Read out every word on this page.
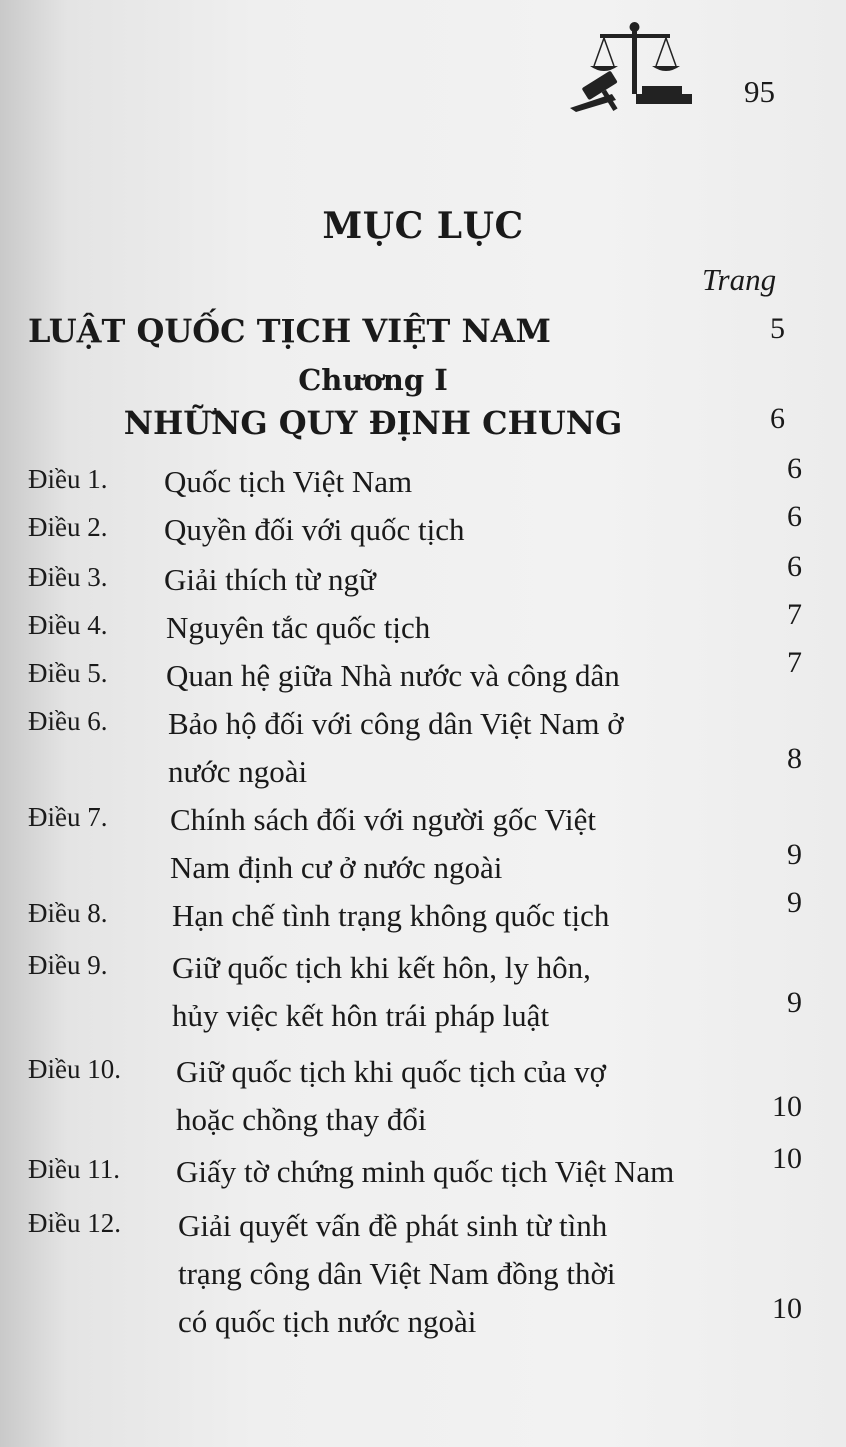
95
MỤC LỤC
Trang
LUẬT QUỐC TỊCH VIỆT NAM	5
Chương I
NHỮNG QUY ĐỊNH CHUNG	6
Điều 1. Quốc tịch Việt Nam	6
Điều 2. Quyền đối với quốc tịch	6
Điều 3. Giải thích từ ngữ	6
Điều 4. Nguyên tắc quốc tịch	7
Điều 5. Quan hệ giữa Nhà nước và công dân	7
Điều 6. Bảo hộ đối với công dân Việt Nam ở
nước ngoài	8
Điều 7. Chính sách đối với người gốc Việt
Nam định cư ở nước ngoài	9
Điều 8. Hạn chế tình trạng không quốc tịch	9
Điều 9. Giữ quốc tịch khi kết hôn, ly hôn,
hủy việc kết hôn trái pháp luật	9
Điều 10. Giữ quốc tịch khi quốc tịch của vợ
hoặc chồng thay đổi	10
Điều 11. Giấy tờ chứng minh quốc tịch Việt Nam	10
Điều 12. Giải quyết vấn đề phát sinh từ tình
trạng công dân Việt Nam đồng thời
có quốc tịch nước ngoài	10
